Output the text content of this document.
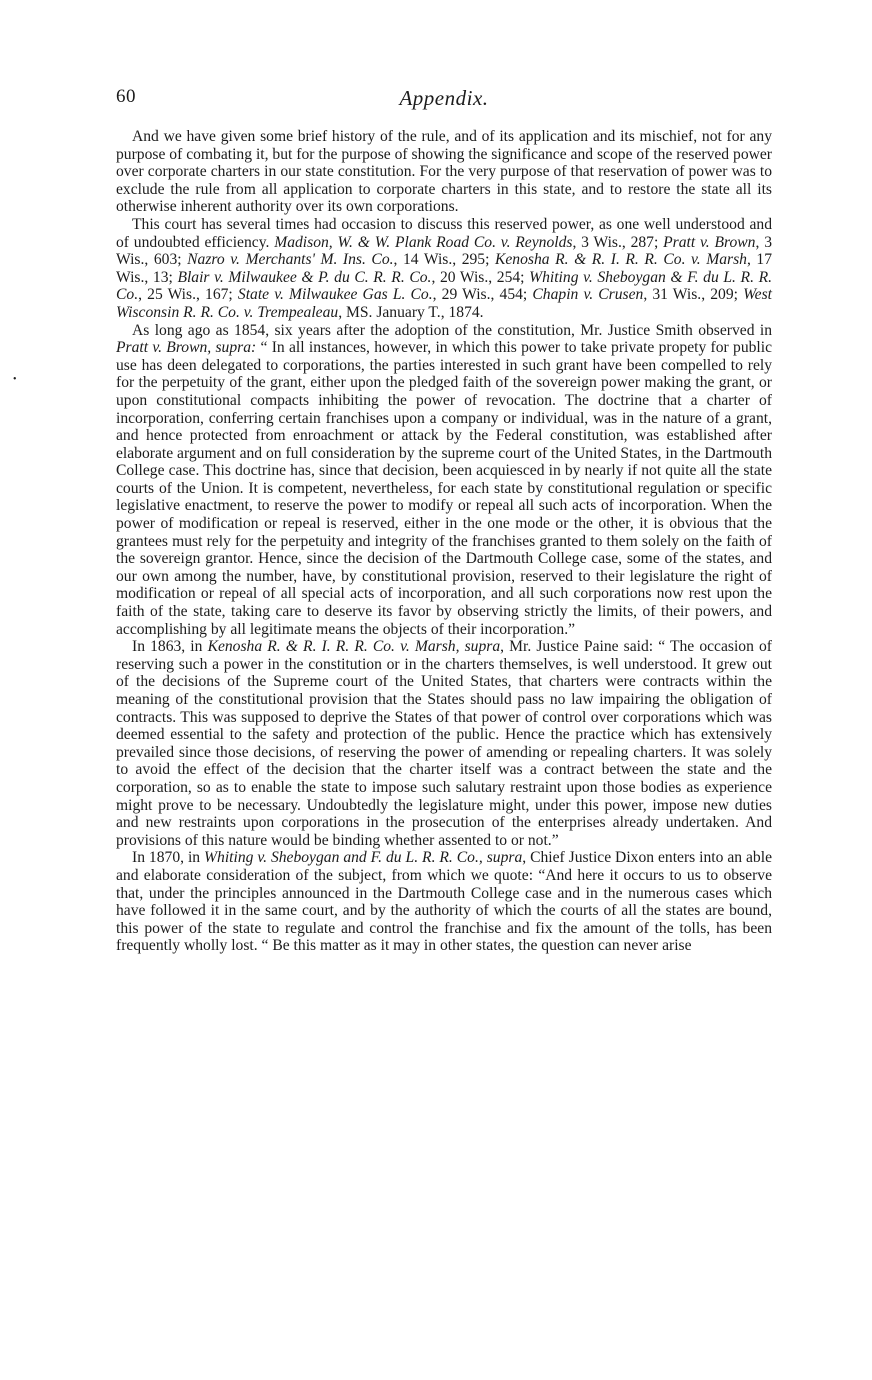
60	Appendix.
•

And we have given some brief history of the rule, and of its application and its mischief, not for any purpose of combating it, but for the purpose of showing the significance and scope of the reserved power over corporate charters in our state constitution. For the very purpose of that reservation of power was to exclude the rule from all application to corporate charters in this state, and to restore the state all its otherwise inherent authority over its own corporations.

This court has several times had occasion to discuss this reserved power, as one well understood and of undoubted efficiency. Madison, W. & W. Plank Road Co. v. Reynolds, 3 Wis., 287; Pratt v. Brown, 3 Wis., 603; Nazro v. Merchants' M. Ins. Co., 14 Wis., 295; Kenosha R. & R. I. R. R. Co. v. Marsh, 17 Wis., 13; Blair v. Milwaukee & P. du C. R. R. Co., 20 Wis., 254; Whiting v. Sheboygan & F. du L. R. R. Co., 25 Wis., 167; State v. Milwaukee Gas L. Co., 29 Wis., 454; Chapin v. Crusen, 31 Wis., 209; West Wisconsin R. R. Co. v. Trempealeau, MS. January T., 1874.

As long ago as 1854, six years after the adoption of the constitution, Mr. Justice Smith observed in Pratt v. Brown, supra: “ In all instances, however, in which this power to take private propety for public use has deen delegated to corporations, the parties interested in such grant have been compelled to rely for the perpetuity of the grant, either upon the pledged faith of the sovereign power making the grant, or upon constitutional compacts inhibiting the power of revocation. The doctrine that a charter of incorporation, conferring certain franchises upon a company or individual, was in the nature of a grant, and hence protected from enroachment or attack by the Federal constitution, was established after elaborate argument and on full consideration by the supreme court of the United States, in the Dartmouth College case. This doctrine has, since that decision, been acquiesced in by nearly if not quite all the state courts of the Union. It is competent, nevertheless, for each state by constitutional regulation or specific legislative enactment, to reserve the power to modify or repeal all such acts of incorporation. When the power of modification or repeal is reserved, either in the one mode or the other, it is obvious that the grantees must rely for the perpetuity and integrity of the franchises granted to them solely on the faith of the sovereign grantor. Hence, since the decision of the Dartmouth College case, some of the states, and our own among the number, have, by constitutional provision, reserved to their legislature the right of modification or repeal of all special acts of incorporation, and all such corporations now rest upon the faith of the state, taking care to deserve its favor by observing strictly the limits, of their powers, and accomplishing by all legitimate means the objects of their incorporation.”

In 1863, in Kenosha R. & R. I. R. R. Co. v. Marsh, supra, Mr. Justice Paine said: “ The occasion of reserving such a power in the constitution or in the charters themselves, is well understood. It grew out of the decisions of the Supreme court of the United States, that charters were contracts within the meaning of the constitutional provision that the States should pass no law impairing the obligation of contracts. This was supposed to deprive the States of that power of control over corporations which was deemed essential to the safety and protection of the public. Hence the practice which has extensively prevailed since those decisions, of reserving the power of amending or repealing charters. It was solely to avoid the effect of the decision that the charter itself was a contract between the state and the corporation, so as to enable the state to impose such salutary restraint upon those bodies as experience might prove to be necessary. Undoubtedly the legislature might, under this power, impose new duties and new restraints upon corporations in the prosecution of the enterprises already undertaken. And provisions of this nature would be binding whether assented to or not.”

In 1870, in Whiting v. Sheboygan and F. du L. R. R. Co., supra, Chief Justice Dixon enters into an able and elaborate consideration of the subject, from which we quote: “And here it occurs to us to observe that, under the principles announced in the Dartmouth College case and in the numerous cases which have followed it in the same court, and by the authority of which the courts of all the states are bound, this power of the state to regulate and control the franchise and fix the amount of the tolls, has been frequently wholly lost. “ Be this matter as it may in other states, the question can never arise
